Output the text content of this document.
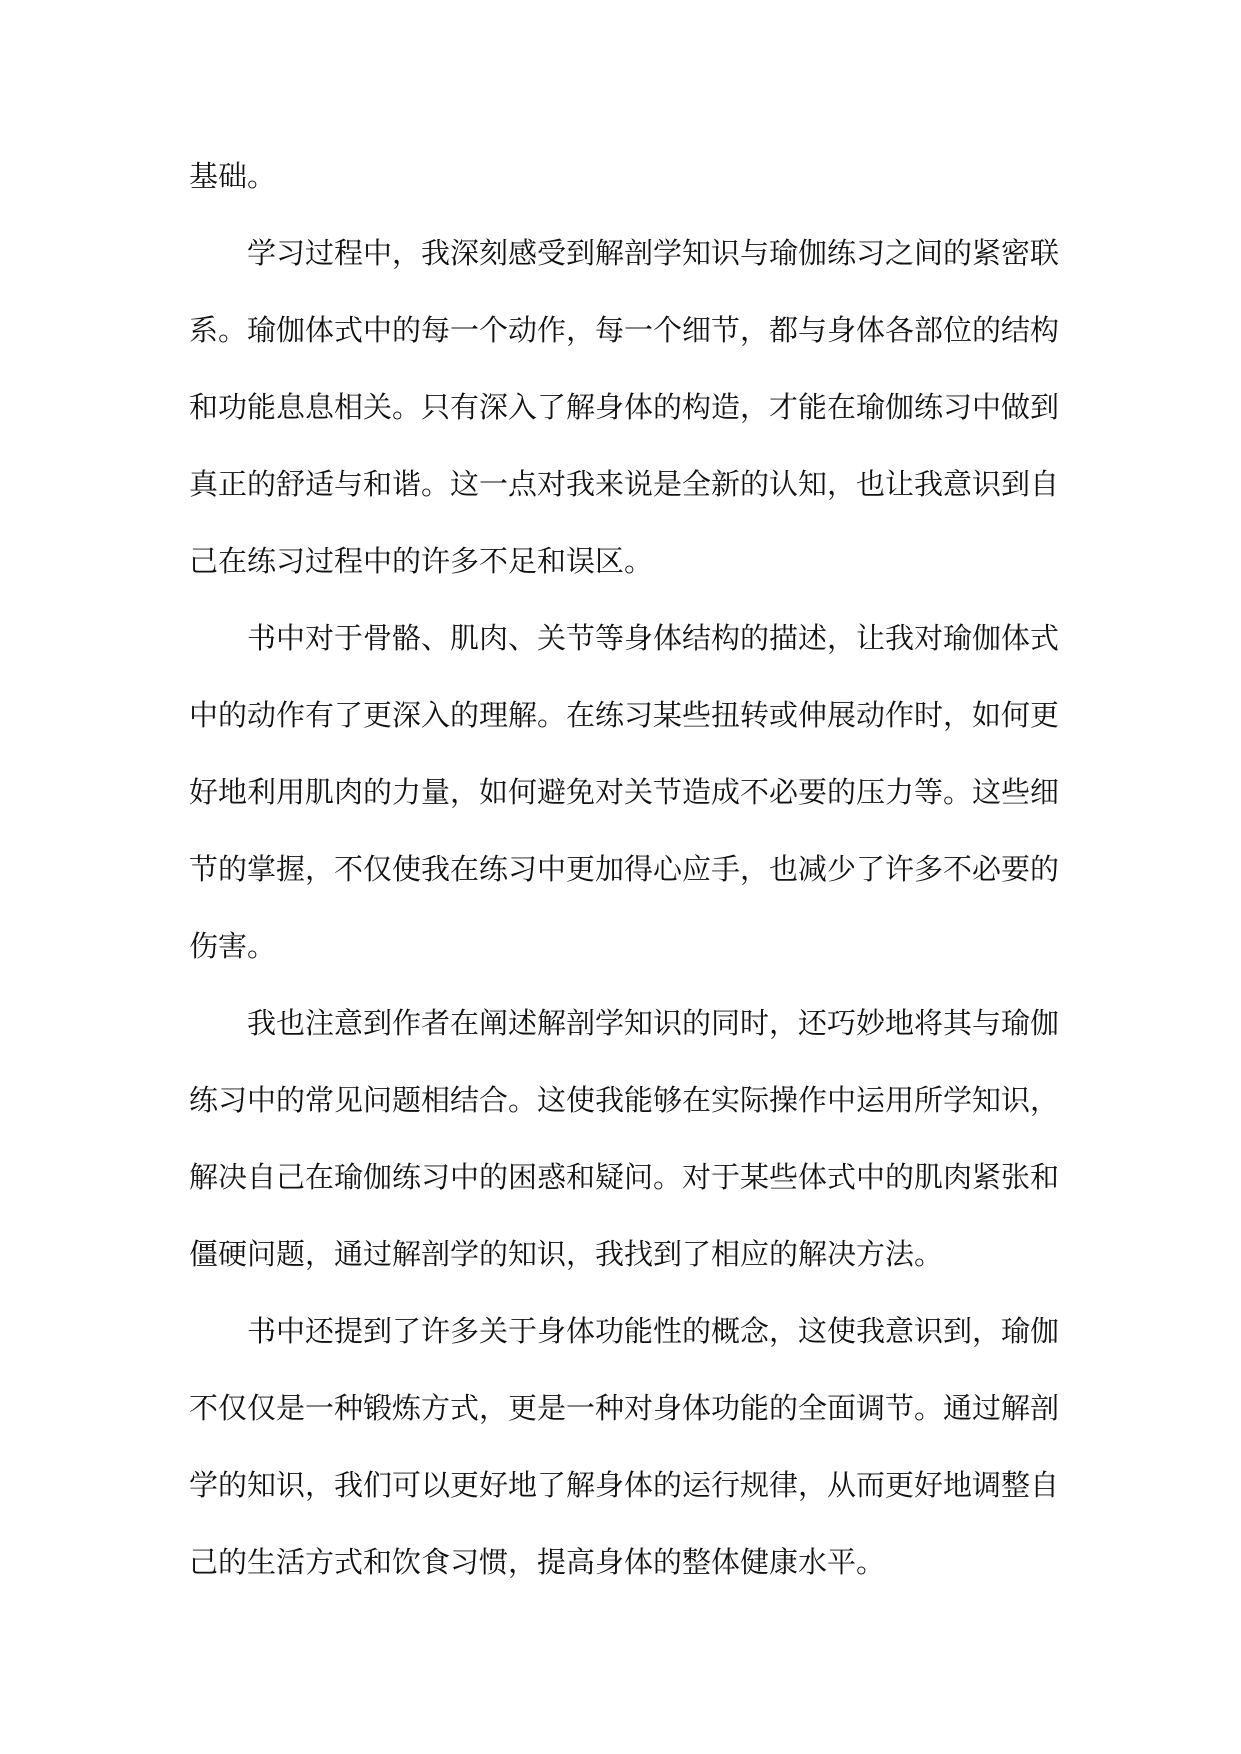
基础。

学习过程中，我深刻感受到解剖学知识与瑜伽练习之间的紧密联系。瑜伽体式中的每一个动作，每一个细节，都与身体各部位的结构和功能息息相关。只有深入了解身体的构造，才能在瑜伽练习中做到真正的舒适与和谐。这一点对我来说是全新的认知，也让我意识到自己在练习过程中的许多不足和误区。

书中对于骨骼、肌肉、关节等身体结构的描述，让我对瑜伽体式中的动作有了更深入的理解。在练习某些扭转或伸展动作时，如何更好地利用肌肉的力量，如何避免对关节造成不必要的压力等。这些细节的掌握，不仅使我在练习中更加得心应手，也减少了许多不必要的伤害。

我也注意到作者在阐述解剖学知识的同时，还巧妙地将其与瑜伽练习中的常见问题相结合。这使我能够在实际操作中运用所学知识，解决自己在瑜伽练习中的困惑和疑问。对于某些体式中的肌肉紧张和僵硬问题，通过解剖学的知识，我找到了相应的解决方法。

书中还提到了许多关于身体功能性的概念，这使我意识到，瑜伽不仅仅是一种锻炼方式，更是一种对身体功能的全面调节。通过解剖学的知识，我们可以更好地了解身体的运行规律，从而更好地调整自己的生活方式和饮食习惯，提高身体的整体健康水平。
